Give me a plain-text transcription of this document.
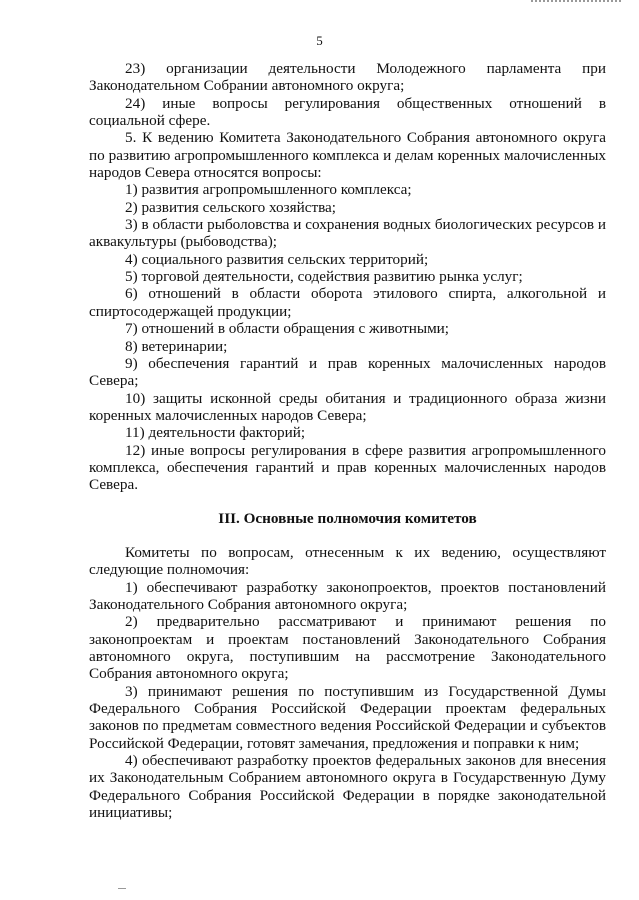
5

23) организации деятельности Молодежного парламента при Законодательном Собрании автономного округа;

24) иные вопросы регулирования общественных отношений в социальной сфере.

5. К ведению Комитета Законодательного Собрания автономного округа по развитию агропромышленного комплекса и делам коренных малочисленных народов Севера относятся вопросы:

1) развития агропромышленного комплекса;

2) развития сельского хозяйства;

3) в области рыболовства и сохранения водных биологических ресурсов и аквакультуры (рыбоводства);

4) социального развития сельских территорий;

5) торговой деятельности, содействия развитию рынка услуг;

6) отношений в области оборота этилового спирта, алкогольной и спиртосодержащей продукции;

7) отношений в области обращения с животными;

8) ветеринарии;

9) обеспечения гарантий и прав коренных малочисленных народов Севера;

10) защиты исконной среды обитания и традиционного образа жизни коренных малочисленных народов Севера;

11) деятельности факторий;

12) иные вопросы регулирования в сфере развития агропромышленного комплекса, обеспечения гарантий и прав коренных малочисленных народов Севера.

III. Основные полномочия комитетов

Комитеты по вопросам, отнесенным к их ведению, осуществляют следующие полномочия:

1) обеспечивают разработку законопроектов, проектов постановлений Законодательного Собрания автономного округа;

2) предварительно рассматривают и принимают решения по законопроектам и проектам постановлений Законодательного Собрания автономного округа, поступившим на рассмотрение Законодательного Собрания автономного округа;

3) принимают решения по поступившим из Государственной Думы Федерального Собрания Российской Федерации проектам федеральных законов по предметам совместного ведения Российской Федерации и субъектов Российской Федерации, готовят замечания, предложения и поправки к ним;

4) обеспечивают разработку проектов федеральных законов для внесения их Законодательным Собранием автономного округа в Государственную Думу Федерального Собрания Российской Федерации в порядке законодательной инициативы;
